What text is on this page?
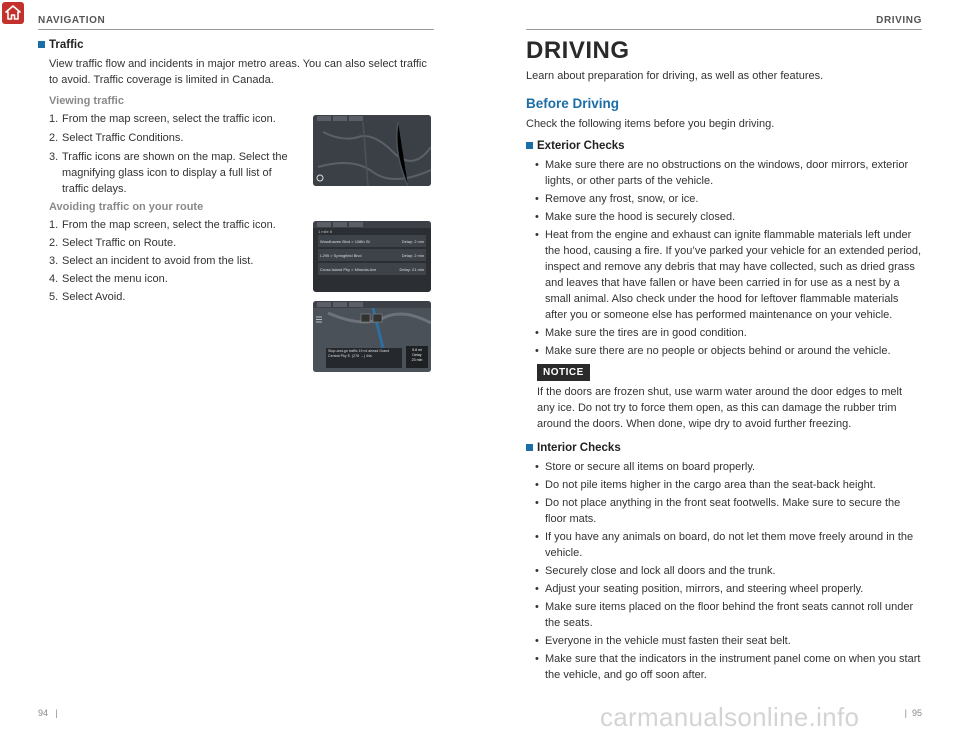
NAVIGATION	DRIVING
Traffic
View traffic flow and incidents in major metro areas. You can also select traffic to avoid. Traffic coverage is limited in Canada.
Viewing traffic
1. From the map screen, select the traffic icon.
2. Select Traffic Conditions.
3. Traffic icons are shown on the map. Select the magnifying glass icon to display a full list of traffic delays.
Avoiding traffic on your route
1. From the map screen, select the traffic icon.
2. Select Traffic on Route.
3. Select an incident to avoid from the list.
4. Select the menu icon.
5. Select Avoid.
1 mile 8
Woodhaven Blvd > 108th St	Delay: 2 min
I-295 > Springfield Blvd	Delay: 2 min
Cross Island Pky > Mineola Ave	Delay: 21 min
Stop-and-go traffic 19 mi ahead Grand Central Pky E. (278 →) 44s
5.8 mi
Delay
23 min
DRIVING
Learn about preparation for driving, as well as other features.
Before Driving
Check the following items before you begin driving.
Exterior Checks
• Make sure there are no obstructions on the windows, door mirrors, exterior lights, or other parts of the vehicle.
• Remove any frost, snow, or ice.
• Make sure the hood is securely closed.
• Heat from the engine and exhaust can ignite flammable materials left under the hood, causing a fire. If you’ve parked your vehicle for an extended period, inspect and remove any debris that may have collected, such as dried grass and leaves that have fallen or have been carried in for use as a nest by a small animal. Also check under the hood for leftover flammable materials after you or someone else has performed maintenance on your vehicle.
• Make sure the tires are in good condition.
• Make sure there are no people or objects behind or around the vehicle.
NOTICE
If the doors are frozen shut, use warm water around the door edges to melt any ice. Do not try to force them open, as this can damage the rubber trim around the doors. When done, wipe dry to avoid further freezing.
Interior Checks
• Store or secure all items on board properly.
• Do not pile items higher in the cargo area than the seat-back height.
• Do not place anything in the front seat footwells. Make sure to secure the floor mats.
• If you have any animals on board, do not let them move freely around in the vehicle.
• Securely close and lock all doors and the trunk.
• Adjust your seating position, mirrors, and steering wheel properly.
• Make sure items placed on the floor behind the front seats cannot roll under the seats.
• Everyone in the vehicle must fasten their seat belt.
• Make sure that the indicators in the instrument panel come on when you start the vehicle, and go off soon after.
94 |	| 95
carmanualsonline.info
